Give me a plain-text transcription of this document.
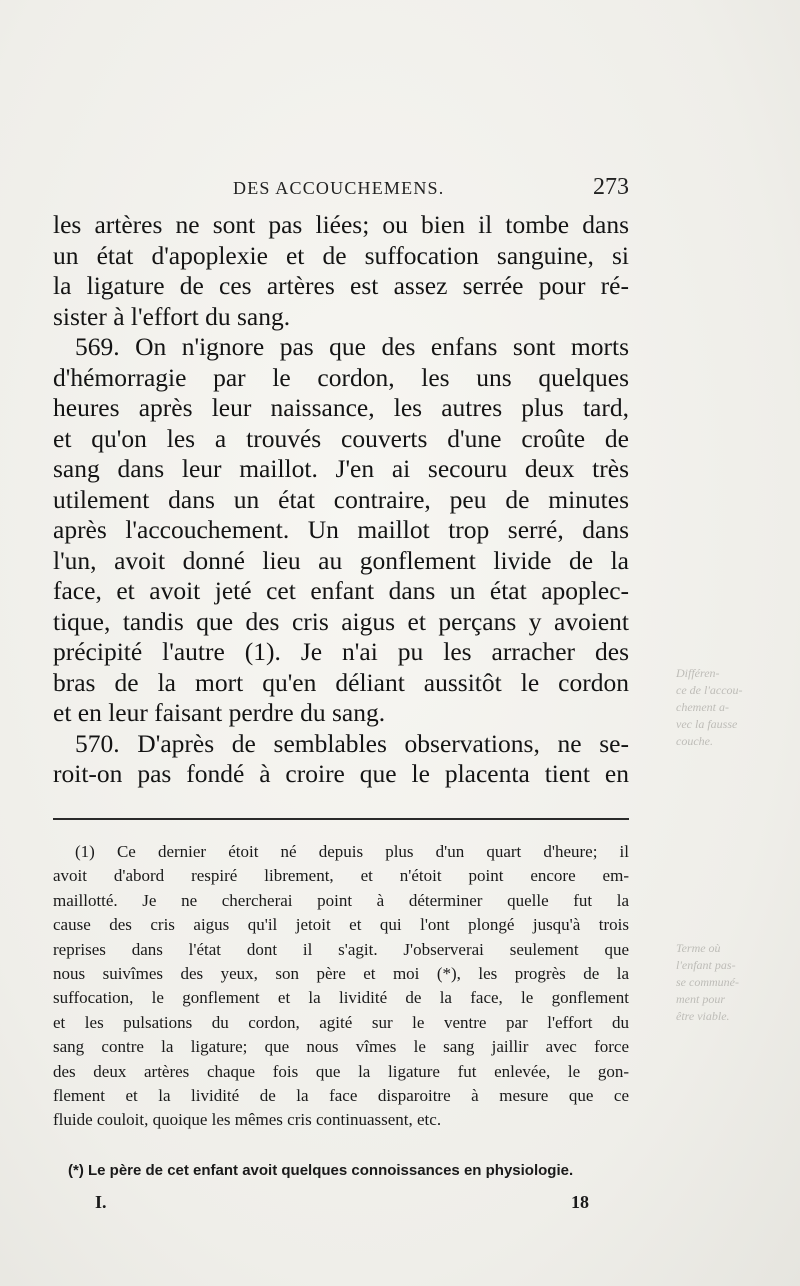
Différen-
ce de l'accou-
chement a-
vec la fausse
couche.
Terme où
l'enfant pas-
se communé-
ment pour
être viable.
DES ACCOUCHEMENS.	273
les artères ne sont pas liées; ou bien il tombe dans
un état d'apoplexie et de suffocation sanguine, si
la ligature de ces artères est assez serrée pour ré-
sister à l'effort du sang.
569. On n'ignore pas que des enfans sont morts
d'hémorragie par le cordon, les uns quelques
heures après leur naissance, les autres plus tard,
et qu'on les a trouvés couverts d'une croûte de
sang dans leur maillot. J'en ai secouru deux très
utilement dans un état contraire, peu de minutes
après l'accouchement. Un maillot trop serré, dans
l'un, avoit donné lieu au gonflement livide de la
face, et avoit jeté cet enfant dans un état apoplec-
tique, tandis que des cris aigus et perçans y avoient
précipité l'autre (1). Je n'ai pu les arracher des
bras de la mort qu'en déliant aussitôt le cordon
et en leur faisant perdre du sang.
570. D'après de semblables observations, ne se-
roit-on pas fondé à croire que le placenta tient en
(1) Ce dernier étoit né depuis plus d'un quart d'heure; il
avoit d'abord respiré librement, et n'étoit point encore em-
maillotté. Je ne chercherai point à déterminer quelle fut la
cause des cris aigus qu'il jetoit et qui l'ont plongé jusqu'à trois
reprises dans l'état dont il s'agit. J'observerai seulement que
nous suivîmes des yeux, son père et moi (*), les progrès de la
suffocation, le gonflement et la lividité de la face, le gonflement
et les pulsations du cordon, agité sur le ventre par l'effort du
sang contre la ligature; que nous vîmes le sang jaillir avec force
des deux artères chaque fois que la ligature fut enlevée, le gon-
flement et la lividité de la face disparoitre à mesure que ce
fluide couloit, quoique les mêmes cris continuassent, etc.
(*) Le père de cet enfant avoit quelques connoissances en physiologie.
I.	18
